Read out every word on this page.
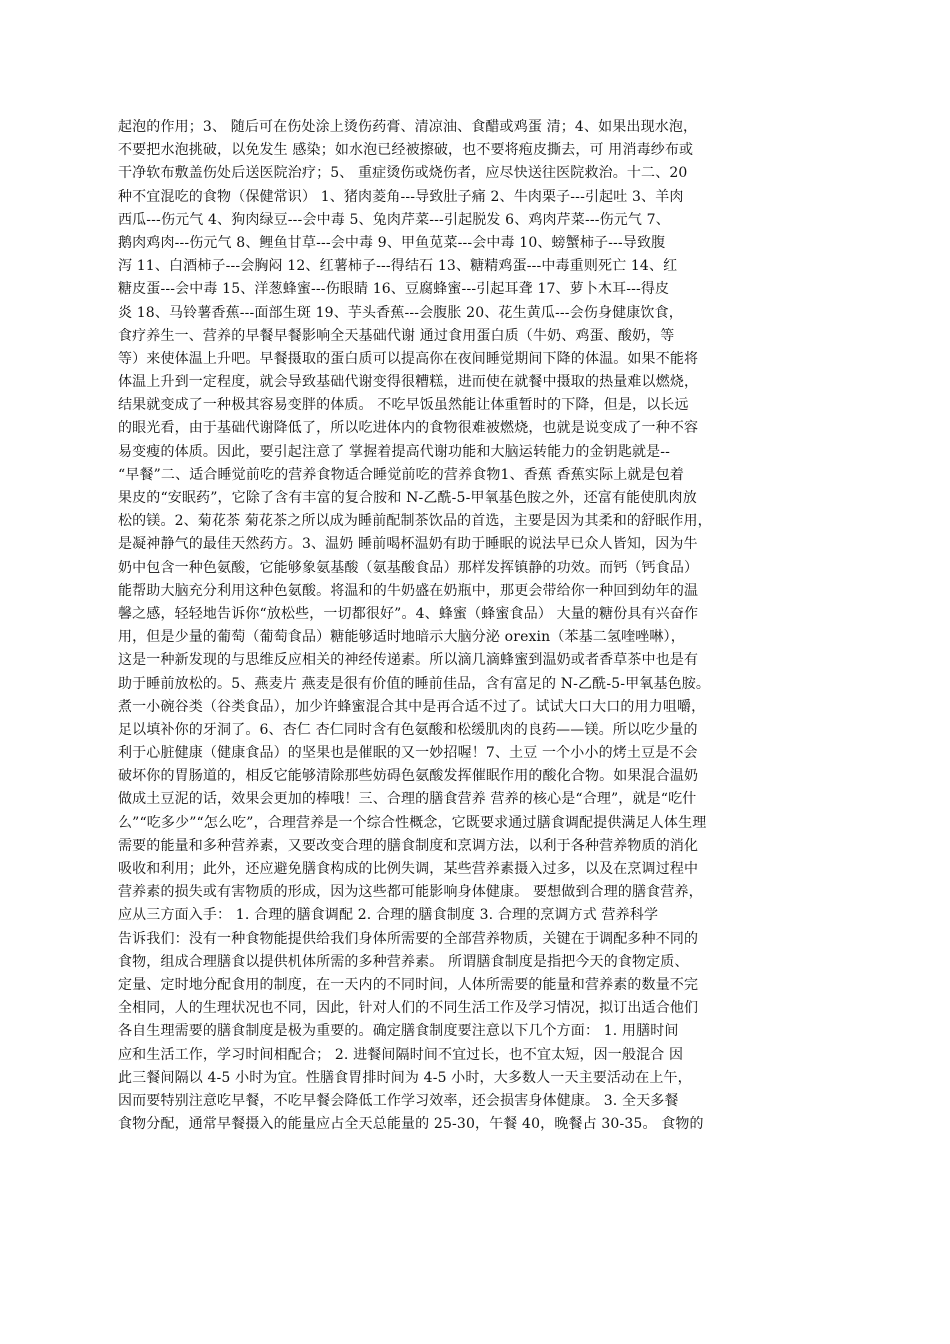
起泡的作用；3、 随后可在伤处涂上烫伤药膏、清凉油、食醋或鸡蛋 清；4、如果出现水泡，
不要把水泡挑破，以免发生 感染；如水泡已经被擦破，也不要将疱皮撕去，可 用消毒纱布或
干净软布敷盖伤处后送医院治疗；5、 重症烫伤或烧伤者，应尽快送往医院救治。十二、20
种不宜混吃的食物（保健常识） 1、猪肉菱角---导致肚子痛 2、牛肉栗子---引起吐 3、羊肉
西瓜---伤元气 4、狗肉绿豆---会中毒 5、兔肉芹菜---引起脱发 6、鸡肉芹菜---伤元气 7、
鹅肉鸡肉---伤元气 8、鲤鱼甘草---会中毒 9、甲鱼苋菜---会中毒 10、螃蟹柿子---导致腹
泻 11、白酒柿子---会胸闷 12、红薯柿子---得结石 13、糖精鸡蛋---中毒重则死亡 14、红
糖皮蛋---会中毒 15、洋葱蜂蜜---伤眼睛 16、豆腐蜂蜜---引起耳聋 17、萝卜木耳---得皮
炎 18、马铃薯香蕉---面部生斑 19、芋头香蕉---会腹胀 20、花生黄瓜---会伤身健康饮食，
食疗养生一、营养的早餐早餐影响全天基础代谢 通过食用蛋白质（牛奶、鸡蛋、酸奶，等
等）来使体温上升吧。早餐摄取的蛋白质可以提高你在夜间睡觉期间下降的体温。如果不能将
体温上升到一定程度，就会导致基础代谢变得很糟糕，进而使在就餐中摄取的热量难以燃烧，
结果就变成了一种极其容易变胖的体质。 不吃早饭虽然能让体重暂时的下降，但是，以长远
的眼光看，由于基础代谢降低了，所以吃进体内的食物很难被燃烧，也就是说变成了一种不容
易变瘦的体质。因此，要引起注意了 掌握着提高代谢功能和大脑运转能力的金钥匙就是--
“早餐”二、适合睡觉前吃的营养食物适合睡觉前吃的营养食物1、香蕉 香蕉实际上就是包着
果皮的“安眠药”，它除了含有丰富的复合胺和 N-乙酰-5-甲氧基色胺之外，还富有能使肌肉放
松的镁。2、菊花茶 菊花茶之所以成为睡前配制茶饮品的首选，主要是因为其柔和的舒眠作用，
是凝神静气的最佳天然药方。3、温奶 睡前喝杯温奶有助于睡眠的说法早已众人皆知，因为牛
奶中包含一种色氨酸，它能够象氨基酸（氨基酸食品）那样发挥镇静的功效。而钙（钙食品）
能帮助大脑充分利用这种色氨酸。将温和的牛奶盛在奶瓶中，那更会带给你一种回到幼年的温
馨之感，轻轻地告诉你“放松些，一切都很好”。4、蜂蜜（蜂蜜食品） 大量的糖份具有兴奋作
用，但是少量的葡萄（葡萄食品）糖能够适时地暗示大脑分泌 orexin（苯基二氢喹唑啉），
这是一种新发现的与思维反应相关的神经传递素。所以滴几滴蜂蜜到温奶或者香草茶中也是有
助于睡前放松的。5、燕麦片 燕麦是很有价值的睡前佳品，含有富足的 N-乙酰-5-甲氧基色胺。
煮一小碗谷类（谷类食品），加少许蜂蜜混合其中是再合适不过了。试试大口大口的用力咀嚼，
足以填补你的牙洞了。6、杏仁 杏仁同时含有色氨酸和松缓肌肉的良药——镁。所以吃少量的
利于心脏健康（健康食品）的坚果也是催眠的又一妙招喔！7、土豆 一个小小的烤土豆是不会
破坏你的胃肠道的，相反它能够清除那些妨碍色氨酸发挥催眠作用的酸化合物。如果混合温奶
做成土豆泥的话，效果会更加的棒哦！三、合理的膳食营养 营养的核心是“合理”，就是“吃什
么”“吃多少”“怎么吃”，合理营养是一个综合性概念，它既要求通过膳食调配提供满足人体生理
需要的能量和多种营养素，又要改变合理的膳食制度和烹调方法，以利于各种营养物质的消化
吸收和利用；此外，还应避免膳食构成的比例失调，某些营养素摄入过多，以及在烹调过程中
营养素的损失或有害物质的形成，因为这些都可能影响身体健康。 要想做到合理的膳食营养，
应从三方面入手： 1. 合理的膳食调配 2. 合理的膳食制度 3. 合理的烹调方式 营养科学
告诉我们：没有一种食物能提供给我们身体所需要的全部营养物质，关键在于调配多种不同的
食物，组成合理膳食以提供机体所需的多种营养素。 所谓膳食制度是指把今天的食物定质、
定量、定时地分配食用的制度，在一天内的不同时间，人体所需要的能量和营养素的数量不完
全相同，人的生理状况也不同，因此，针对人们的不同生活工作及学习情况，拟订出适合他们
各自生理需要的膳食制度是极为重要的。确定膳食制度要注意以下几个方面： 1. 用膳时间
应和生活工作，学习时间相配合； 2. 进餐间隔时间不宜过长，也不宜太短，因一般混合 因
此三餐间隔以 4-5 小时为宜。性膳食胃排时间为 4-5 小时，大多数人一天主要活动在上午，
因而要特别注意吃早餐，不吃早餐会降低工作学习效率，还会损害身体健康。 3. 全天多餐
食物分配，通常早餐摄入的能量应占全天总能量的 25-30，午餐 40，晚餐占 30-35。 食物的
